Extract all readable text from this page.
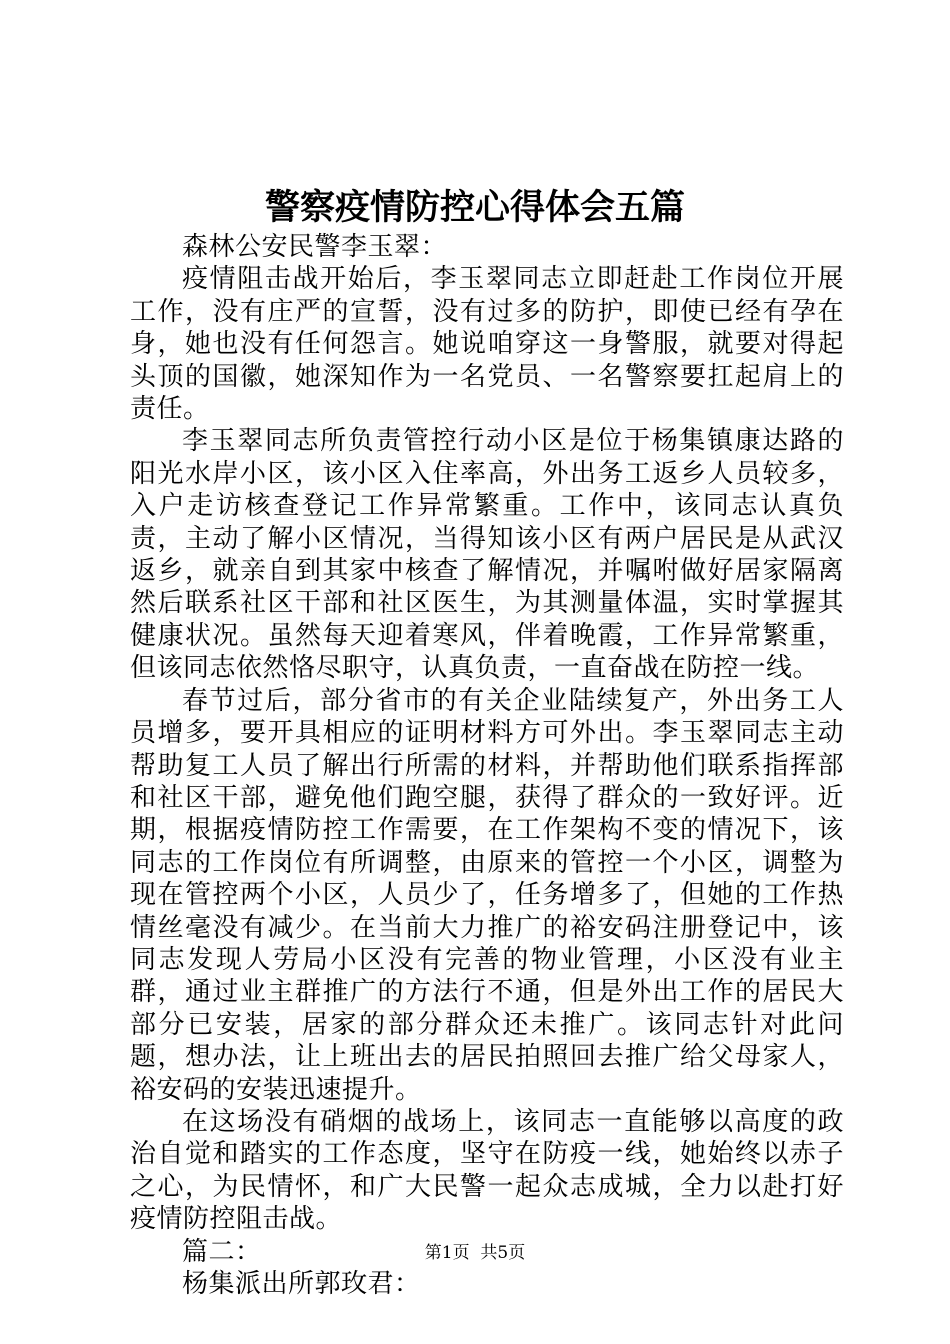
警察疫情防控心得体会五篇

森林公安民警李玉翠：

疫情阻击战开始后，李玉翠同志立即赶赴工作岗位开展工作，没有庄严的宣誓，没有过多的防护，即使已经有孕在身，她也没有任何怨言。她说咱穿这一身警服，就要对得起头顶的国徽，她深知作为一名党员、一名警察要扛起肩上的责任。

李玉翠同志所负责管控行动小区是位于杨集镇康达路的阳光水岸小区，该小区入住率高，外出务工返乡人员较多，入户走访核查登记工作异常繁重。工作中，该同志认真负责，主动了解小区情况，当得知该小区有两户居民是从武汉返乡，就亲自到其家中核查了解情况，并嘱咐做好居家隔离然后联系社区干部和社区医生，为其测量体温，实时掌握其健康状况。虽然每天迎着寒风，伴着晚霞，工作异常繁重，但该同志依然恪尽职守，认真负责，一直奋战在防控一线。

春节过后，部分省市的有关企业陆续复产，外出务工人员增多，要开具相应的证明材料方可外出。李玉翠同志主动帮助复工人员了解出行所需的材料，并帮助他们联系指挥部和社区干部，避免他们跑空腿，获得了群众的一致好评。近期，根据疫情防控工作需要，在工作架构不变的情况下，该同志的工作岗位有所调整，由原来的管控一个小区，调整为现在管控两个小区，人员少了，任务增多了，但她的工作热情丝毫没有减少。在当前大力推广的裕安码注册登记中，该同志发现人劳局小区没有完善的物业管理，小区没有业主群，通过业主群推广的方法行不通，但是外出工作的居民大部分已安装，居家的部分群众还未推广。该同志针对此问题，想办法，让上班出去的居民拍照回去推广给父母家人，裕安码的安装迅速提升。

在这场没有硝烟的战场上，该同志一直能够以高度的政治自觉和踏实的工作态度，坚守在防疫一线，她始终以赤子之心，为民情怀，和广大民警一起众志成城，全力以赴打好疫情防控阻击战。

篇二：

杨集派出所郭玫君：

第1页 共5页
